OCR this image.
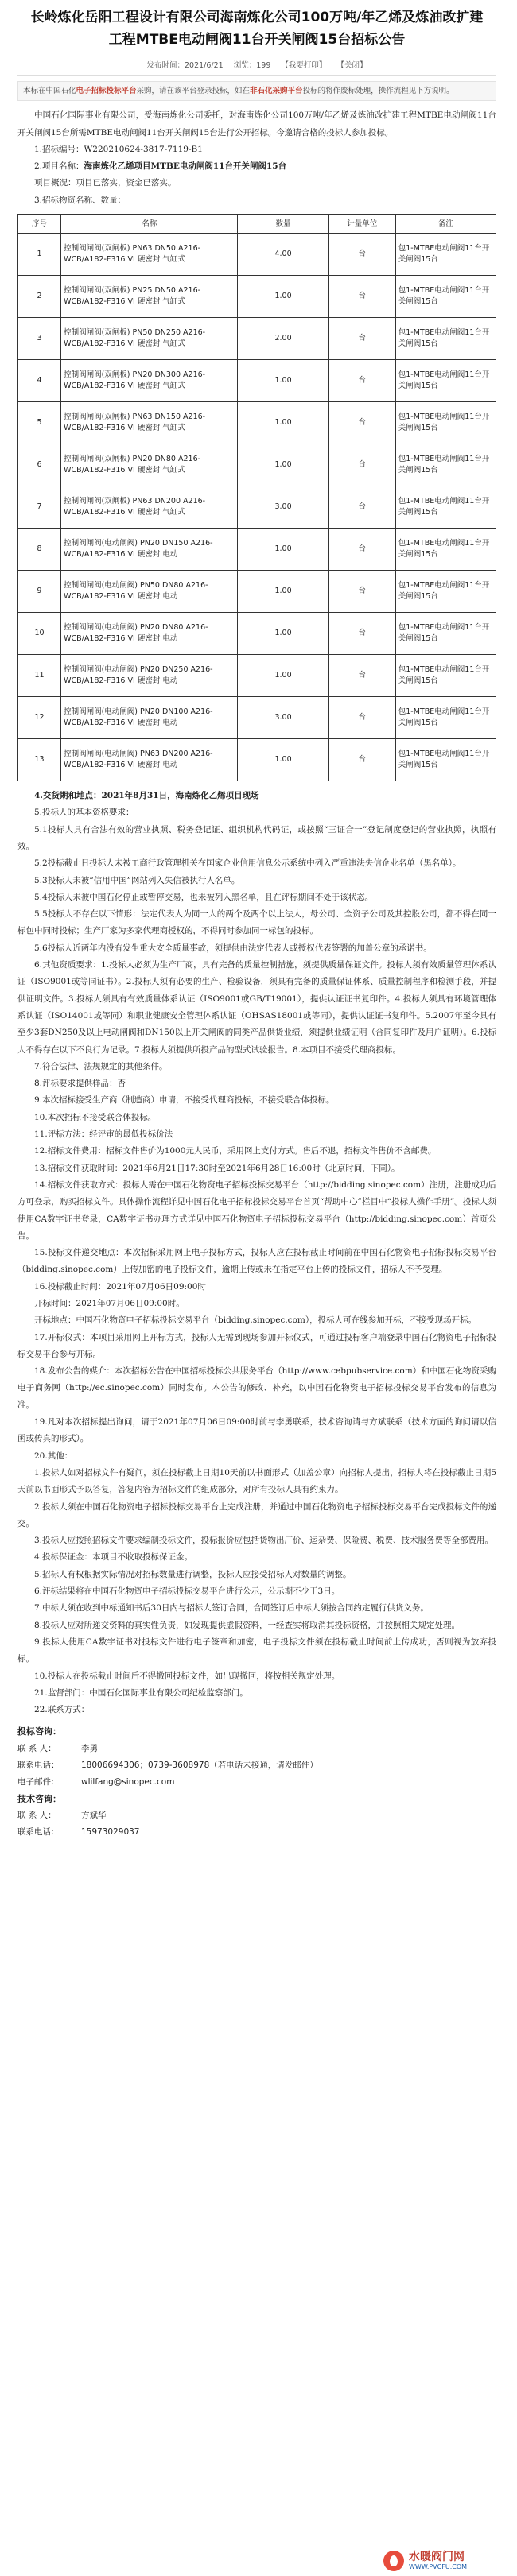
长岭炼化岳阳工程设计有限公司海南炼化公司100万吨/年乙烯及炼油改扩建工程MTBE电动闸阀11台开关闸阀15台招标公告
发布时间：2021/6/21 浏览：199 【我要打印】 【关闭】
本标在中国石化电子招标投标平台采购，请在该平台登录投标，如在非石化采购平台投标的将作废标处理，操作流程见下方说明。

中国石化国际事业有限公司，受海南炼化公司委托，对海南炼化公司100万吨/年乙烯及炼油改扩建工程MTBE电动闸阀11台开关闸阀15台所需MTBE电动闸阀11台开关闸阀15台进行公开招标。今邀请合格的投标人参加投标。

1.招标编号：W220210624-3817-7119-B1

2.项目名称：海南炼化乙烯项目MTBE电动闸阀11台开关闸阀15台

项目概况：项目已落实，资金已落实。

3.招标物资名称、数量：

序号	名称	数量	计量单位	备注
1	控制阀闸阀(双闸板) PN63 DN50 A216-WCB/A182-F316 VI 硬密封 气缸式	4.00	台	包1-MTBE电动闸阀11台开关闸阀15台
2	控制阀闸阀(双闸板) PN25 DN50 A216-WCB/A182-F316 VI 硬密封 气缸式	1.00	台	包1-MTBE电动闸阀11台开关闸阀15台
3	控制阀闸阀(双闸板) PN50 DN250 A216-WCB/A182-F316 VI 硬密封 气缸式	2.00	台	包1-MTBE电动闸阀11台开关闸阀15台
4	控制阀闸阀(双闸板) PN20 DN300 A216-WCB/A182-F316 VI 硬密封 气缸式	1.00	台	包1-MTBE电动闸阀11台开关闸阀15台
5	控制阀闸阀(双闸板) PN63 DN150 A216-WCB/A182-F316 VI 硬密封 气缸式	1.00	台	包1-MTBE电动闸阀11台开关闸阀15台
6	控制阀闸阀(双闸板) PN20 DN80 A216-WCB/A182-F316 VI 硬密封 气缸式	1.00	台	包1-MTBE电动闸阀11台开关闸阀15台
7	控制阀闸阀(双闸板) PN63 DN200 A216-WCB/A182-F316 VI 硬密封 气缸式	3.00	台	包1-MTBE电动闸阀11台开关闸阀15台
8	控制阀闸阀(电动闸阀) PN20 DN150 A216-WCB/A182-F316 VI 硬密封 电动	1.00	台	包1-MTBE电动闸阀11台开关闸阀15台
9	控制阀闸阀(电动闸阀) PN50 DN80 A216-WCB/A182-F316 VI 硬密封 电动	1.00	台	包1-MTBE电动闸阀11台开关闸阀15台
10	控制阀闸阀(电动闸阀) PN20 DN80 A216-WCB/A182-F316 VI 硬密封 电动	1.00	台	包1-MTBE电动闸阀11台开关闸阀15台
11	控制阀闸阀(电动闸阀) PN20 DN250 A216-WCB/A182-F316 VI 硬密封 电动	1.00	台	包1-MTBE电动闸阀11台开关闸阀15台
12	控制阀闸阀(电动闸阀) PN20 DN100 A216-WCB/A182-F316 VI 硬密封 电动	3.00	台	包1-MTBE电动闸阀11台开关闸阀15台
13	控制阀闸阀(电动闸阀) PN63 DN200 A216-WCB/A182-F316 VI 硬密封 电动	1.00	台	包1-MTBE电动闸阀11台开关闸阀15台

4.交货期和地点：2021年8月31日，海南炼化乙烯项目现场

5.投标人的基本资格要求：

5.1投标人具有合法有效的营业执照、税务登记证、组织机构代码证，或按照“三证合一”登记制度登记的营业执照，执照有效。

5.2投标截止日投标人未被工商行政管理机关在国家企业信用信息公示系统中列入严重违法失信企业名单（黑名单）。

5.3投标人未被“信用中国”网站列入失信被执行人名单。

5.4投标人未被中国石化停止或暂停交易，也未被列入黑名单，且在评标期间不处于该状态。

5.5投标人不存在以下情形：法定代表人为同一人的两个及两个以上法人，母公司、全资子公司及其控股公司，都不得在同一标包中同时投标；生产厂家为多家代理商授权的，不得同时参加同一标包的投标。

5.6投标人近两年内没有发生重大安全质量事故，须提供由法定代表人或授权代表签署的加盖公章的承诺书。

6.其他资质要求：1.投标人必须为生产厂商，具有完备的质量控制措施，须提供质量保证文件。投标人须有效质量管理体系认证（ISO9001或等同证书）。2.投标人须有必要的生产、检验设备，须具有完备的质量保证体系、质量控制程序和检测手段，并提供证明文件。3.投标人须具有有效质量体系认证（ISO9001或GB/T19001），提供认证证书复印件。4.投标人须具有环境管理体系认证（ISO14001或等同）和职业健康安全管理体系认证（OHSAS18001或等同），提供认证证书复印件。5.2007年至今具有至少3套DN250及以上电动闸阀和DN150以上开关闸阀的同类产品供货业绩，须提供业绩证明（合同复印件及用户证明）。6.投标人不得存在以下不良行为记录。7.投标人须提供所投产品的型式试验报告。8.本项目不接受代理商投标。

7.符合法律、法规规定的其他条件。

8.评标要求提供样品：否

9.本次招标接受生产商（制造商）申请，不接受代理商投标，不接受联合体投标。

10.本次招标不接受联合体投标。

11.评标方法：经评审的最低投标价法

12.招标文件费用：招标文件售价为1000元人民币，采用网上支付方式。售后不退，招标文件售价不含邮费。

13.招标文件获取时间：2021年6月21日17:30时至2021年6月28日16:00时（北京时间，下同）。

14.招标文件获取方式：投标人需在中国石化物资电子招标投标交易平台（http://bidding.sinopec.com）注册，注册成功后方可登录，购买招标文件。具体操作流程详见中国石化电子招标投标交易平台首页“帮助中心”栏目中“投标人操作手册”。投标人须使用CA数字证书登录，CA数字证书办理方式详见中国石化物资电子招标投标交易平台（http://bidding.sinopec.com）首页公告。

15.投标文件递交地点：本次招标采用网上电子投标方式，投标人应在投标截止时间前在中国石化物资电子招标投标交易平台（bidding.sinopec.com）上传加密的电子投标文件，逾期上传或未在指定平台上传的投标文件，招标人不予受理。

16.投标截止时间：2021年07月06日09:00时

开标时间：2021年07月06日09:00时。

开标地点：中国石化物资电子招标投标交易平台（bidding.sinopec.com），投标人可在线参加开标，不接受现场开标。

17.开标仪式：本项目采用网上开标方式，投标人无需到现场参加开标仪式，可通过投标客户端登录中国石化物资电子招标投标交易平台参与开标。

18.发布公告的媒介：本次招标公告在中国招标投标公共服务平台（http://www.cebpubservice.com）和中国石化物资采购电子商务网（http://ec.sinopec.com）同时发布。本公告的修改、补充，以中国石化物资电子招标投标交易平台发布的信息为准。

19.凡对本次招标提出询问，请于2021年07月06日09:00时前与李勇联系，技术咨询请与方斌联系（技术方面的询问请以信函或传真的形式）。

20.其他：

1.投标人如对招标文件有疑问，须在投标截止日期10天前以书面形式（加盖公章）向招标人提出，招标人将在投标截止日期5天前以书面形式予以答复，答复内容为招标文件的组成部分，对所有投标人具有约束力。

2.投标人须在中国石化物资电子招标投标交易平台上完成注册，并通过中国石化物资电子招标投标交易平台完成投标文件的递交。

3.投标人应按照招标文件要求编制投标文件，投标报价应包括货物出厂价、运杂费、保险费、税费、技术服务费等全部费用。

4.投标保证金：本项目不收取投标保证金。

5.招标人有权根据实际情况对招标数量进行调整，投标人应接受招标人对数量的调整。

6.评标结果将在中国石化物资电子招标投标交易平台进行公示，公示期不少于3日。

7.中标人须在收到中标通知书后30日内与招标人签订合同，合同签订后中标人须按合同约定履行供货义务。

8.投标人应对所递交资料的真实性负责，如发现提供虚假资料，一经查实将取消其投标资格，并按照相关规定处理。

9.投标人使用CA数字证书对投标文件进行电子签章和加密，电子投标文件须在投标截止时间前上传成功，否则视为放弃投标。

10.投标人在投标截止时间后不得撤回投标文件，如出现撤回，将按相关规定处理。

21.监督部门：中国石化国际事业有限公司纪检监察部门。

22.联系方式：

投标咨询：
联 系 人：	李勇
联系电话：	18006694306；0739-3608978（若电话未接通，请发邮件）
电子邮件：	wlilfang@sinopec.com
技术咨询：
联 系 人：	方斌华
联系电话：	15973029037
水暖阀门网
WWW.PVCFU.COM
